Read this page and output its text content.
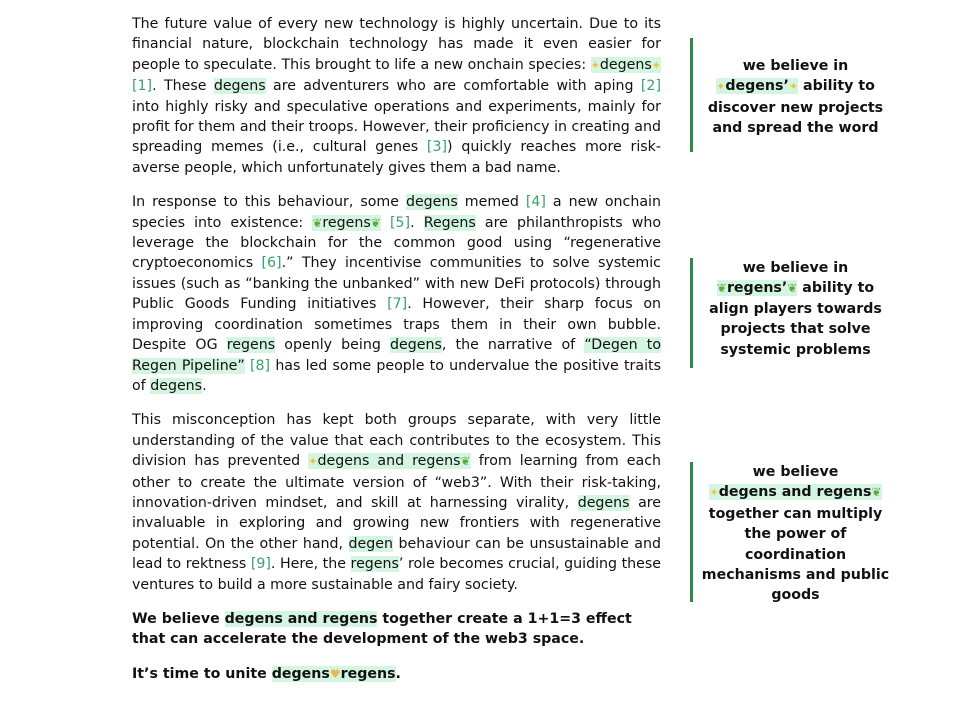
The future value of every new technology is highly uncertain. Due to its financial nature, blockchain technology has made it even easier for people to speculate. This brought to life a new onchain species: ✦degens✦ [1]. These degens are adventurers who are comfortable with aping [2] into highly risky and speculative operations and experiments, mainly for profit for them and their troops. However, their proficiency in creating and spreading memes (i.e., cultural genes [3]) quickly reaches more risk-averse people, which unfortunately gives them a bad name.

In response to this behaviour, some degens memed [4] a new onchain species into existence: ❦regens❦ [5]. Regens are philanthropists who leverage the blockchain for the common good using “regenerative cryptoeconomics [6].” They incentivise communities to solve systemic issues (such as “banking the unbanked” with new DeFi protocols) through Public Goods Funding initiatives [7]. However, their sharp focus on improving coordination sometimes traps them in their own bubble. Despite OG regens openly being degens, the narrative of “Degen to Regen Pipeline” [8] has led some people to undervalue the positive traits of degens.

This misconception has kept both groups separate, with very little understanding of the value that each contributes to the ecosystem. This division has prevented ✦degens and regens❦ from learning from each other to create the ultimate version of “web3”. With their risk-taking, innovation-driven mindset, and skill at harnessing virality, degens are invaluable in exploring and growing new frontiers with regenerative potential. On the other hand, degen behaviour can be unsustainable and lead to rektness [9]. Here, the regens’ role becomes crucial, guiding these ventures to build a more sustainable and fairy society.

We believe degens and regens together create a 1+1=3 effect that can accelerate the development of the web3 space.

It’s time to unite degens♥regens.

we believe in
✦degens’✦ ability to discover new projects and spread the word
we believe in
❦regens’❦ ability to align players towards projects that solve systemic problems
we believe
✦degens and regens❦ together can multiply the power of coordination mechanisms and public goods
